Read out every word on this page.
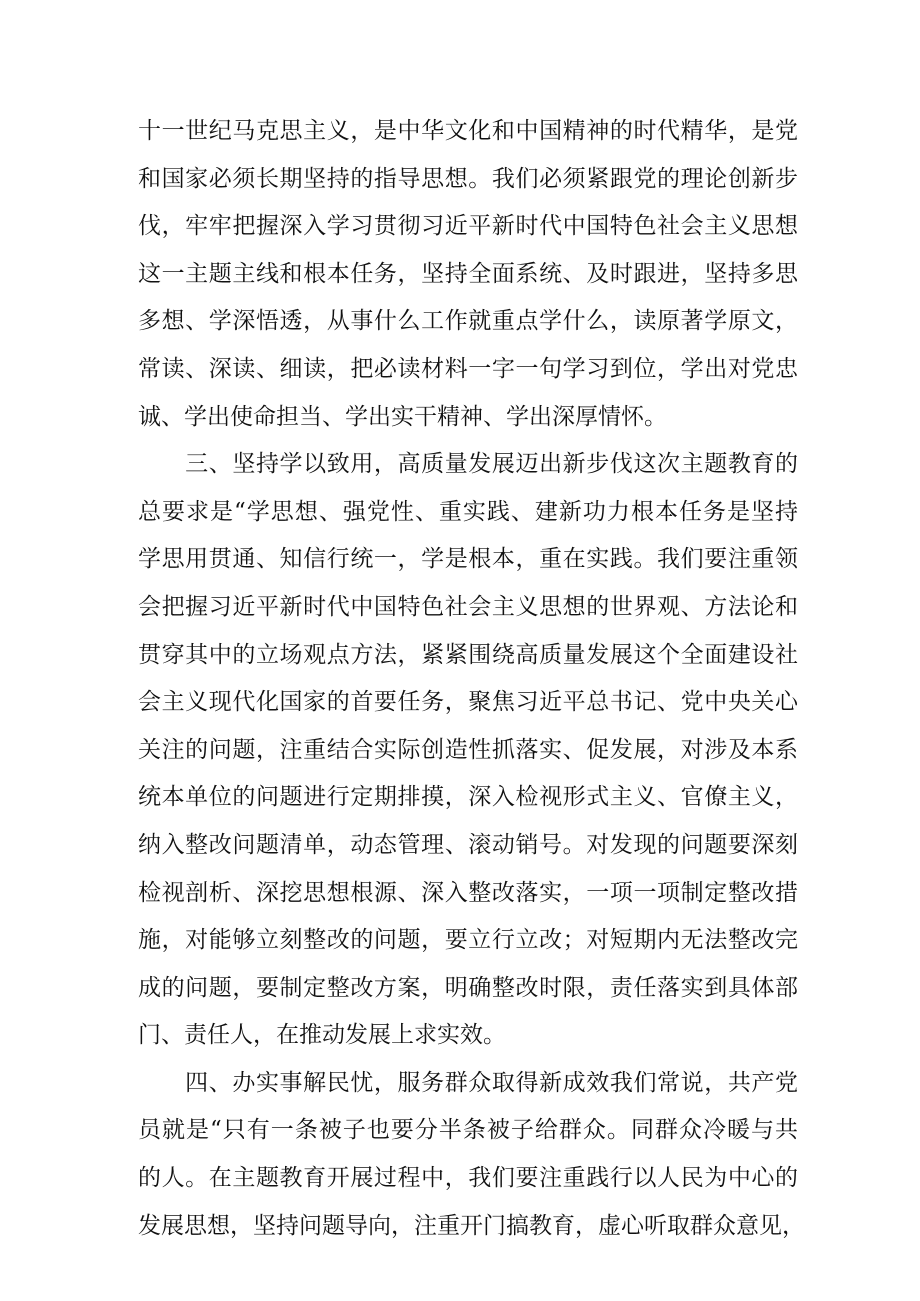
十一世纪马克思主义，是中华文化和中国精神的时代精华，是党
和国家必须长期坚持的指导思想。我们必须紧跟党的理论创新步
伐，牢牢把握深入学习贯彻习近平新时代中国特色社会主义思想
这一主题主线和根本任务，坚持全面系统、及时跟进，坚持多思
多想、学深悟透，从事什么工作就重点学什么，读原著学原文，
常读、深读、细读，把必读材料一字一句学习到位，学出对党忠
诚、学出使命担当、学出实干精神、学出深厚情怀。
　　三、坚持学以致用，高质量发展迈出新步伐这次主题教育的
总要求是“学思想、强党性、重实践、建新功力根本任务是坚持
学思用贯通、知信行统一，学是根本，重在实践。我们要注重领
会把握习近平新时代中国特色社会主义思想的世界观、方法论和
贯穿其中的立场观点方法，紧紧围绕高质量发展这个全面建设社
会主义现代化国家的首要任务，聚焦习近平总书记、党中央关心
关注的问题，注重结合实际创造性抓落实、促发展，对涉及本系
统本单位的问题进行定期排摸，深入检视形式主义、官僚主义，
纳入整改问题清单，动态管理、滚动销号。对发现的问题要深刻
检视剖析、深挖思想根源、深入整改落实，一项一项制定整改措
施，对能够立刻整改的问题，要立行立改；对短期内无法整改完
成的问题，要制定整改方案，明确整改时限，责任落实到具体部
门、责任人，在推动发展上求实效。
　　四、办实事解民忧，服务群众取得新成效我们常说，共产党
员就是“只有一条被子也要分半条被子给群众。同群众冷暖与共
的人。在主题教育开展过程中，我们要注重践行以人民为中心的
发展思想，坚持问题导向，注重开门搞教育，虚心听取群众意见，
